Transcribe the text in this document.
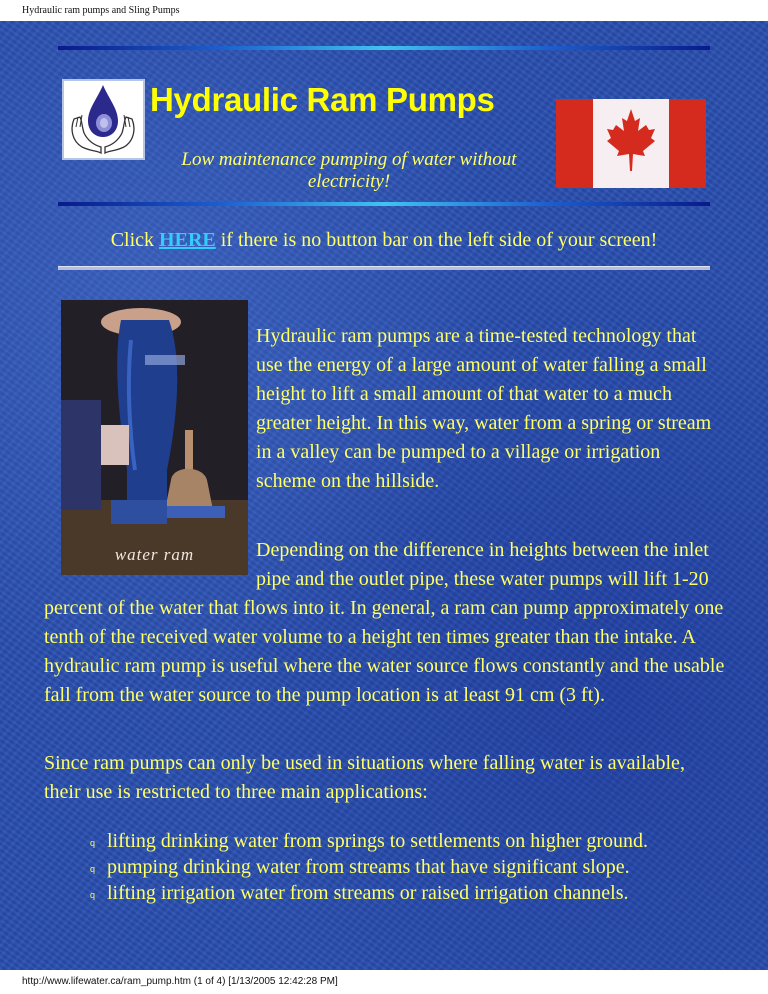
Hydraulic ram pumps and Sling Pumps
Hydraulic Ram Pumps
Low maintenance pumping of water without electricity!
Click HERE if there is no button bar on the left side of your screen!
water ram

Hydraulic ram pumps are a time-tested technology that use the energy of a large amount of water falling a small height to lift a small amount of that water to a much greater height. In this way, water from a spring or stream in a valley can be pumped to a village or irrigation scheme on the hillside.

Depending on the difference in heights between the inlet pipe and the outlet pipe, these water pumps will lift 1-20 percent of the water that flows into it. In general, a ram can pump approximately one tenth of the received water volume to a height ten times greater than the intake. A hydraulic ram pump is useful where the water source flows constantly and the usable fall from the water source to the pump location is at least 91 cm (3 ft).

Since ram pumps can only be used in situations where falling water is available, their use is restricted to three main applications:

q lifting drinking water from springs to settlements on higher ground.
q pumping drinking water from streams that have significant slope.
q lifting irrigation water from streams or raised irrigation channels.
http://www.lifewater.ca/ram_pump.htm (1 of 4) [1/13/2005 12:42:28 PM]
